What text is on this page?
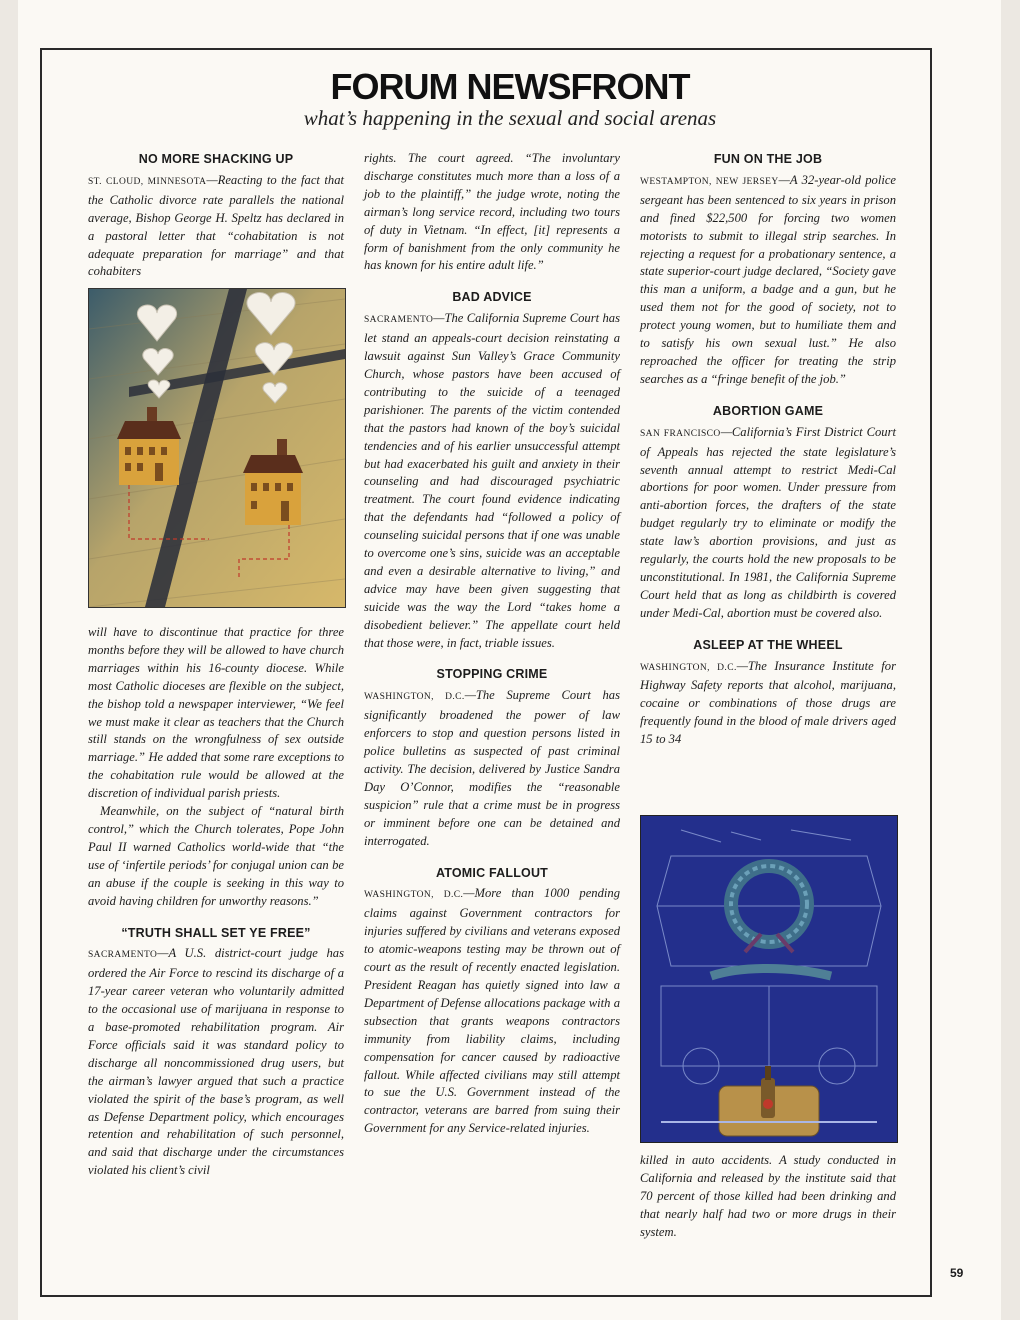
FORUM NEWSFRONT
what’s happening in the sexual and social arenas
NO MORE SHACKING UP

ST. CLOUD, MINNESOTA—Reacting to the fact that the Catholic divorce rate parallels the national average, Bishop George H. Speltz has declared in a pastoral letter that “cohabitation is not adequate preparation for marriage” and that cohabiters

will have to discontinue that practice for three months before they will be allowed to have church marriages within his 16-county diocese. While most Catholic dioceses are flexible on the subject, the bishop told a newspaper interviewer, “We feel we must make it clear as teachers that the Church still stands on the wrongfulness of sex outside marriage.” He added that some rare exceptions to the cohabitation rule would be allowed at the discretion of individual parish priests.

Meanwhile, on the subject of “natural birth control,” which the Church tolerates, Pope John Paul II warned Catholics world-wide that “the use of ‘infertile periods’ for conjugal union can be an abuse if the couple is seeking in this way to avoid having children for unworthy reasons.”

“TRUTH SHALL SET YE FREE”

SACRAMENTO—A U.S. district-court judge has ordered the Air Force to rescind its discharge of a 17-year career veteran who voluntarily admitted to the occasional use of marijuana in response to a base-promoted rehabilitation program. Air Force officials said it was standard policy to discharge all noncommissioned drug users, but the airman’s lawyer argued that such a practice violated the spirit of the base’s program, as well as Defense Department policy, which encourages retention and rehabilitation of such personnel, and said that discharge under the circumstances violated his client’s civil

rights. The court agreed. “The involuntary discharge constitutes much more than a loss of a job to the plaintiff,” the judge wrote, noting the airman’s long service record, including two tours of duty in Vietnam. “In effect, [it] represents a form of banishment from the only community he has known for his entire adult life.”

BAD ADVICE

SACRAMENTO—The California Supreme Court has let stand an appeals-court decision reinstating a lawsuit against Sun Valley’s Grace Community Church, whose pastors have been accused of contributing to the suicide of a teenaged parishioner. The parents of the victim contended that the pastors had known of the boy’s suicidal tendencies and of his earlier unsuccessful attempt but had exacerbated his guilt and anxiety in their counseling and had discouraged psychiatric treatment. The court found evidence indicating that the defendants had “followed a policy of counseling suicidal persons that if one was unable to overcome one’s sins, suicide was an acceptable and even a desirable alternative to living,” and advice may have been given suggesting that suicide was the way the Lord “takes home a disobedient believer.” The appellate court held that those were, in fact, triable issues.

STOPPING CRIME

WASHINGTON, D.C.—The Supreme Court has significantly broadened the power of law enforcers to stop and question persons listed in police bulletins as suspected of past criminal activity. The decision, delivered by Justice Sandra Day O’Connor, modifies the “reasonable suspicion” rule that a crime must be in progress or imminent before one can be detained and interrogated.

ATOMIC FALLOUT

WASHINGTON, D.C.—More than 1000 pending claims against Government contractors for injuries suffered by civilians and veterans exposed to atomic-weapons testing may be thrown out of court as the result of recently enacted legislation. President Reagan has quietly signed into law a Department of Defense allocations package with a subsection that grants weapons contractors immunity from liability claims, including compensation for cancer caused by radioactive fallout. While affected civilians may still attempt to sue the U.S. Government instead of the contractor, veterans are barred from suing their Government for any Service-related injuries.

FUN ON THE JOB

WESTAMPTON, NEW JERSEY—A 32-year-old police sergeant has been sentenced to six years in prison and fined $22,500 for forcing two women motorists to submit to illegal strip searches. In rejecting a request for a probationary sentence, a state superior-court judge declared, “Society gave this man a uniform, a badge and a gun, but he used them not for the good of society, not to protect young women, but to humiliate them and to satisfy his own sexual lust.” He also reproached the officer for treating the strip searches as a “fringe benefit of the job.”

ABORTION GAME

SAN FRANCISCO—California’s First District Court of Appeals has rejected the state legislature’s seventh annual attempt to restrict Medi-Cal abortions for poor women. Under pressure from anti-abortion forces, the drafters of the state budget regularly try to eliminate or modify the state law’s abortion provisions, and just as regularly, the courts hold the new proposals to be unconstitutional. In 1981, the California Supreme Court held that as long as childbirth is covered under Medi-Cal, abortion must be covered also.

ASLEEP AT THE WHEEL

WASHINGTON, D.C.—The Insurance Institute for Highway Safety reports that alcohol, marijuana, cocaine or combinations of those drugs are frequently found in the blood of male drivers aged 15 to 34

killed in auto accidents. A study conducted in California and released by the institute said that 70 percent of those killed had been drinking and that nearly half had two or more drugs in their system.

59
